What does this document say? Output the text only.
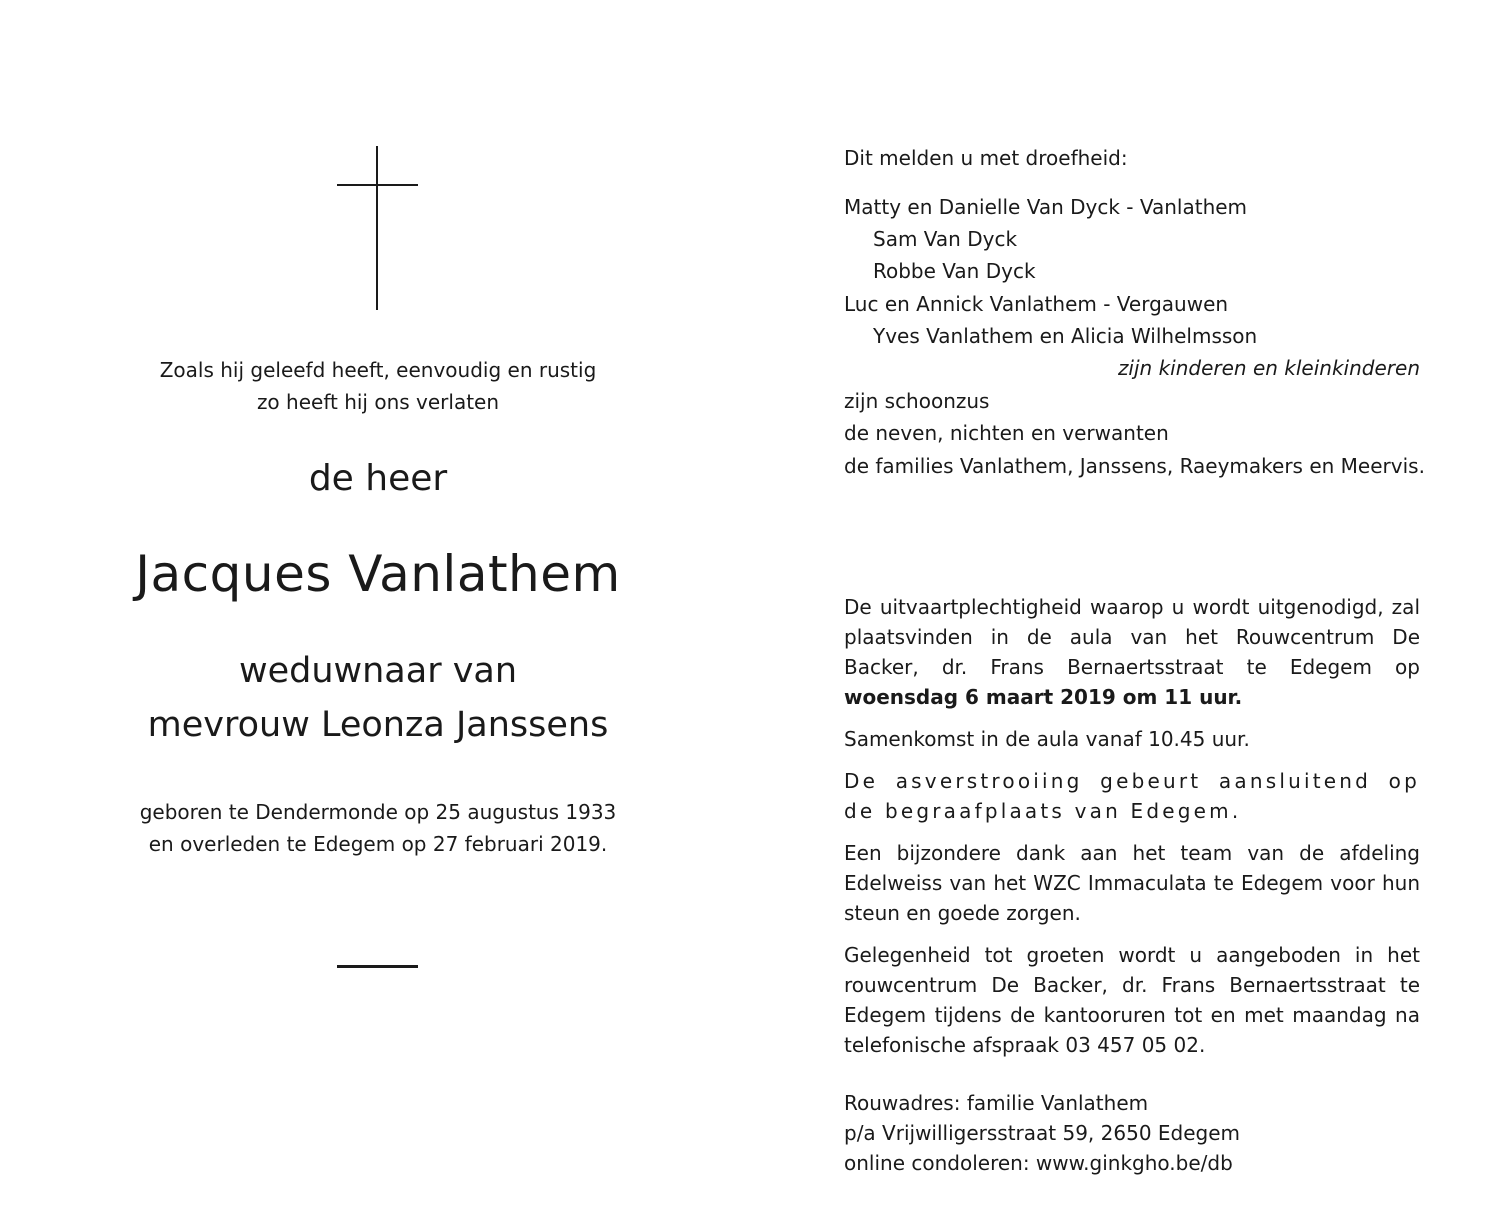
Zoals hij geleefd heeft, eenvoudig en rustig
zo heeft hij ons verlaten
de heer
Jacques Vanlathem
weduwnaar van
mevrouw Leonza Janssens
geboren te Dendermonde op 25 augustus 1933
en overleden te Edegem op 27 februari 2019.
Dit melden u met droefheid:
Matty en Danielle Van Dyck - Vanlathem
Sam Van Dyck
Robbe Van Dyck
Luc en Annick Vanlathem - Vergauwen
Yves Vanlathem en Alicia Wilhelmsson
zijn kinderen en kleinkinderen
zijn schoonzus
de neven, nichten en verwanten
de families Vanlathem, Janssens, Raeymakers en Meervis.
De uitvaartplechtigheid waarop u wordt uitgenodigd, zal plaatsvinden in de aula van het Rouwcentrum De Backer, dr. Frans Bernaertsstraat te Edegem op woensdag 6 maart 2019 om 11 uur.
Samenkomst in de aula vanaf 10.45 uur.
De asverstrooiing gebeurt aansluitend op de begraafplaats van Edegem.
Een bijzondere dank aan het team van de afdeling Edelweiss van het WZC Immaculata te Edegem voor hun steun en goede zorgen.
Gelegenheid tot groeten wordt u aangeboden in het rouwcentrum De Backer, dr. Frans Bernaertsstraat te Edegem tijdens de kantooruren tot en met maandag na telefonische afspraak 03 457 05 02.
Rouwadres: familie Vanlathem
p/a Vrijwilligersstraat 59, 2650 Edegem
online condoleren: www.ginkgho.be/db
